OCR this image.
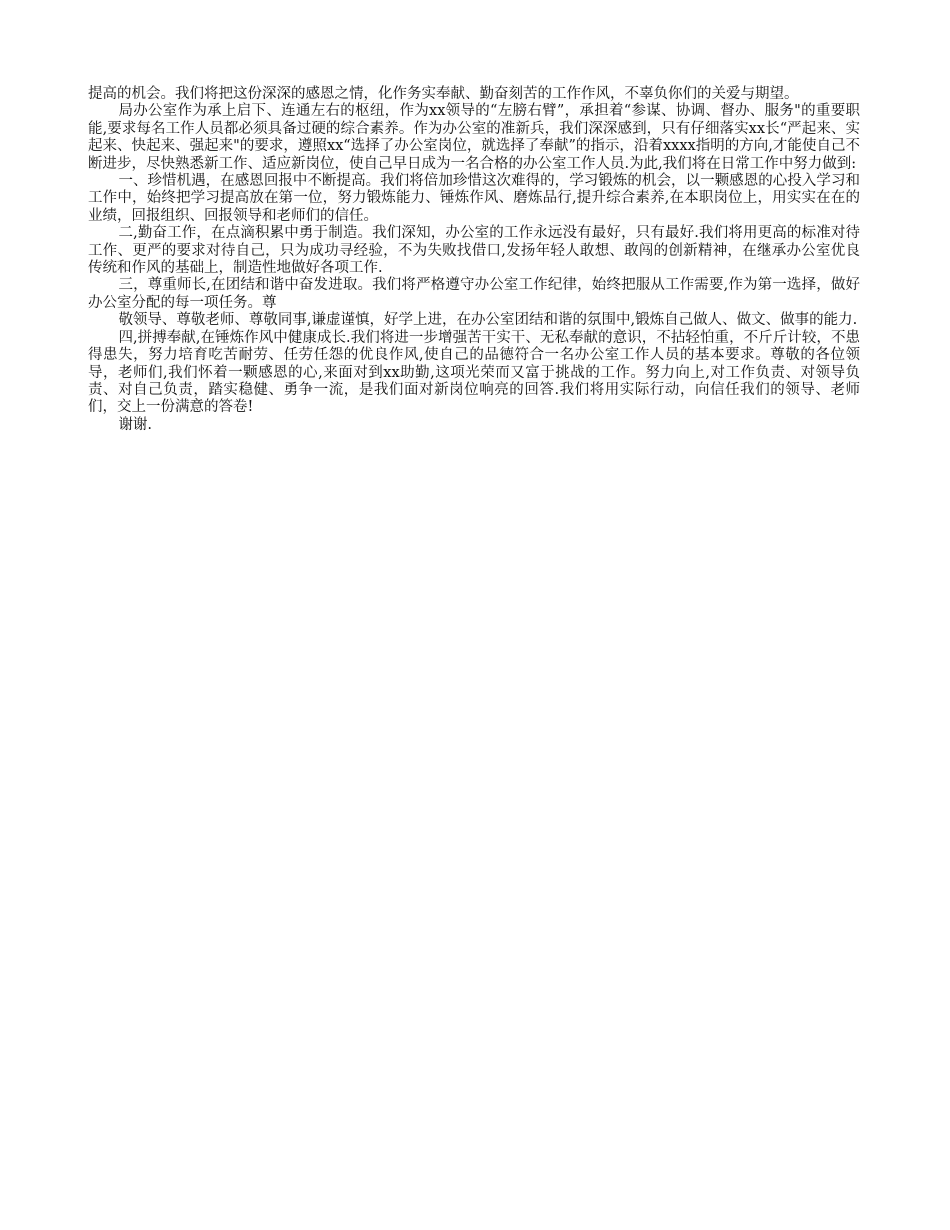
提高的机会。我们将把这份深深的感恩之情，化作务实奉献、勤奋刻苦的工作作风，不辜负你们的关爱与期望。

局办公室作为承上启下、连通左右的枢纽，作为xx领导的“左膀右臂”，承担着“参谋、协调、督办、服务"的重要职能,要求每名工作人员都必须具备过硬的综合素养。作为办公室的准新兵，我们深深感到，只有仔细落实xx长“严起来、实起来、快起来、强起来"的要求，遵照xx“选择了办公室岗位，就选择了奉献”的指示，沿着xxxx指明的方向,才能使自己不断进步，尽快熟悉新工作、适应新岗位，使自己早日成为一名合格的办公室工作人员.为此,我们将在日常工作中努力做到:

一、珍惜机遇，在感恩回报中不断提高。我们将倍加珍惜这次难得的，学习锻炼的机会，以一颗感恩的心投入学习和工作中，始终把学习提高放在第一位，努力锻炼能力、锤炼作风、磨炼品行,提升综合素养,在本职岗位上，用实实在在的业绩，回报组织、回报领导和老师们的信任。

二,勤奋工作，在点滴积累中勇于制造。我们深知，办公室的工作永远没有最好，只有最好.我们将用更高的标准对待工作、更严的要求对待自己，只为成功寻经验，不为失败找借口,发扬年轻人敢想、敢闯的创新精神，在继承办公室优良传统和作风的基础上，制造性地做好各项工作.

三，尊重师长,在团结和谐中奋发进取。我们将严格遵守办公室工作纪律，始终把服从工作需要,作为第一选择，做好办公室分配的每一项任务。尊

敬领导、尊敬老师、尊敬同事,谦虚谨慎，好学上进，在办公室团结和谐的氛围中,锻炼自己做人、做文、做事的能力.

四,拼搏奉献,在锤炼作风中健康成长.我们将进一步增强苦干实干、无私奉献的意识，不拈轻怕重，不斤斤计较，不患得患失，努力培育吃苦耐劳、任劳任怨的优良作风,使自己的品德符合一名办公室工作人员的基本要求。尊敬的各位领导，老师们,我们怀着一颗感恩的心,来面对到xx助勤,这项光荣而又富于挑战的工作。努力向上,对工作负责、对领导负责、对自己负责，踏实稳健、勇争一流，是我们面对新岗位响亮的回答.我们将用实际行动，向信任我们的领导、老师们，交上一份满意的答卷!

谢谢.
